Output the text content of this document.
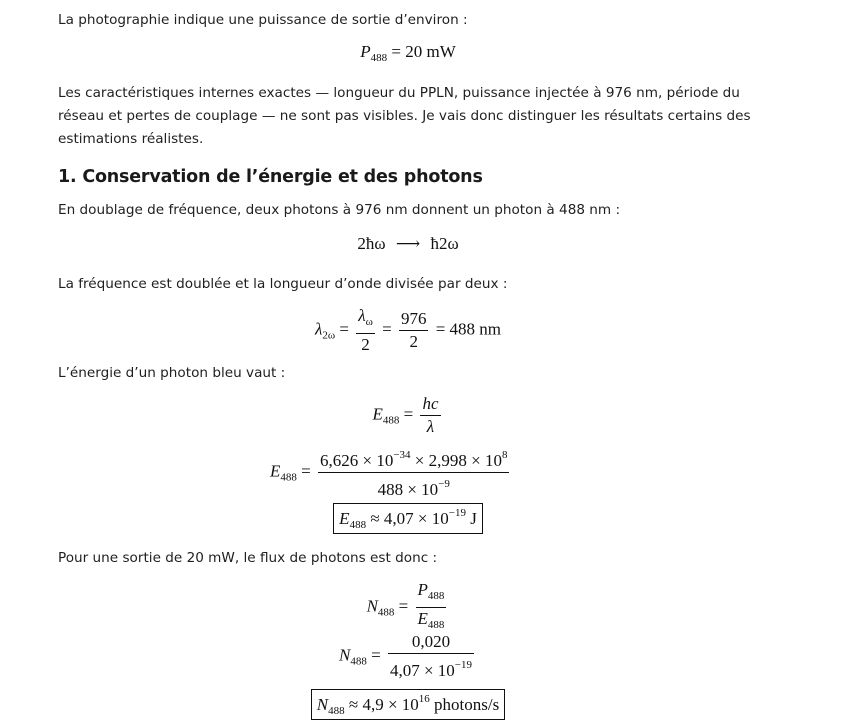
La photographie indique une puissance de sortie d’environ :

$P_{488} = 20$ mW

Les caractéristiques internes exactes — longueur du PPLN, puissance injectée à 976 nm, période du réseau et pertes de couplage — ne sont pas visibles. Je vais donc distinguer les résultats certains des estimations réalistes.

1. Conservation de l’énergie et des photons

En doublage de fréquence, deux photons à 976 nm donnent un photon à 488 nm :

2ħω ⟶ ħ2ω

La fréquence est doublée et la longueur d’onde divisée par deux :

$\lambda_{2\omega} = \frac{\lambda_\omega}{2} = \frac{976}{2} = 488$ nm

L’énergie d’un photon bleu vaut :

$E_{488} = \frac{hc}{\lambda}$
$E_{488} = \frac{6,626 \times 10^{-34} \times 2,998 \times 10^8}{488 \times 10^{-9}}$
$E_{488} \approx 4,07 \times 10^{-19}$ J

Pour une sortie de 20 mW, le flux de photons est donc :

$N_{488} = \frac{P_{488}}{E_{488}}$
$N_{488} = \frac{0,020}{4,07 \times 10^{-19}}$
$N_{488} \approx 4,9 \times 10^{16}$ photons/s
